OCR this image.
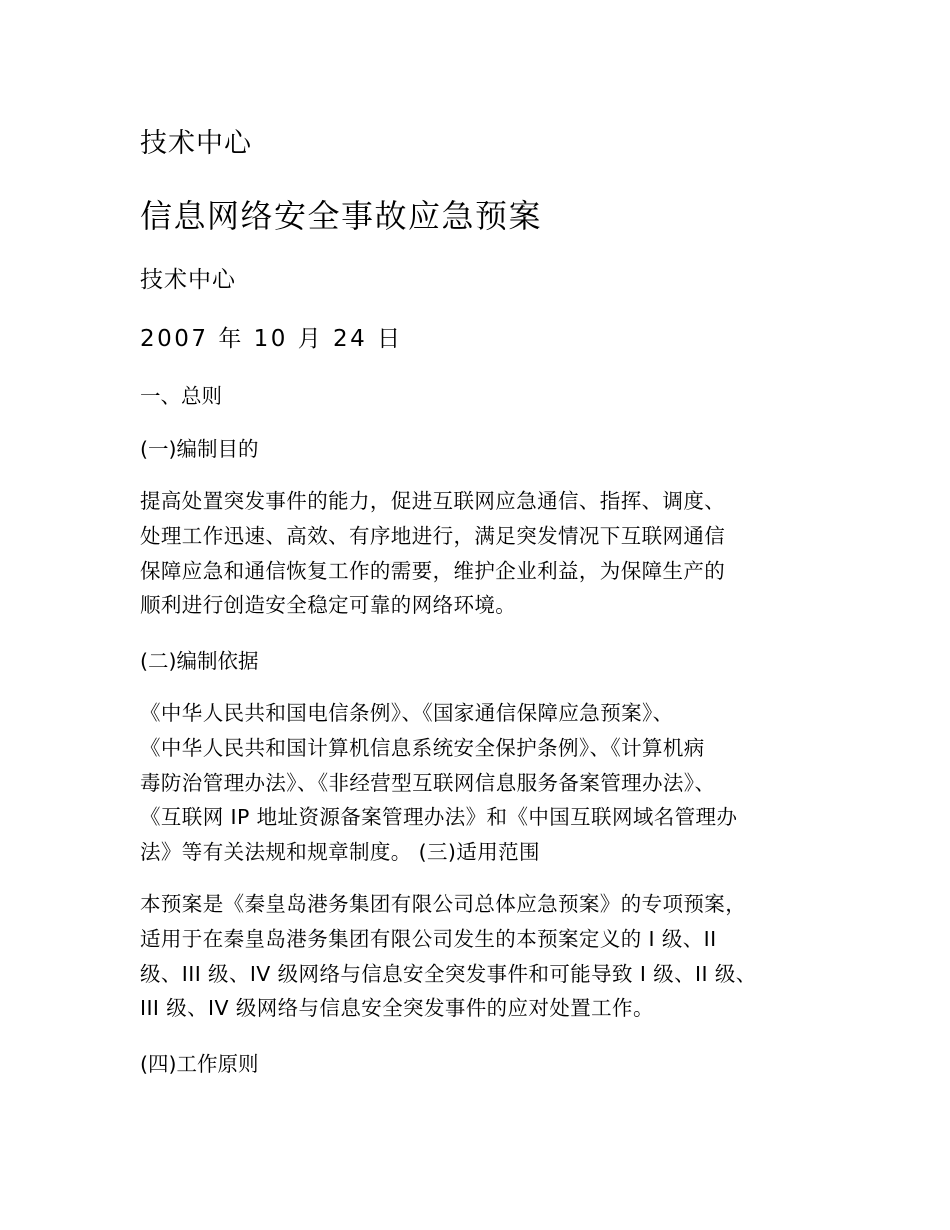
技术中心
信息网络安全事故应急预案
技术中心
2007 年 10 月 24 日
一、总则
(一)编制目的
提高处置突发事件的能力，促进互联网应急通信、指挥、调度、
处理工作迅速、高效、有序地进行，满足突发情况下互联网通信
保障应急和通信恢复工作的需要，维护企业利益，为保障生产的
顺利进行创造安全稳定可靠的网络环境。
(二)编制依据
《中华人民共和国电信条例》、《国家通信保障应急预案》、
《中华人民共和国计算机信息系统安全保护条例》、《计算机病
毒防治管理办法》、《非经营型互联网信息服务备案管理办法》、
《互联网 IP 地址资源备案管理办法》和《中国互联网域名管理办
法》等有关法规和规章制度。 (三)适用范围
本预案是《秦皇岛港务集团有限公司总体应急预案》的专项预案，
适用于在秦皇岛港务集团有限公司发生的本预案定义的 I 级、II
级、III 级、IV 级网络与信息安全突发事件和可能导致 I 级、II 级、
III 级、IV 级网络与信息安全突发事件的应对处置工作。
(四)工作原则
